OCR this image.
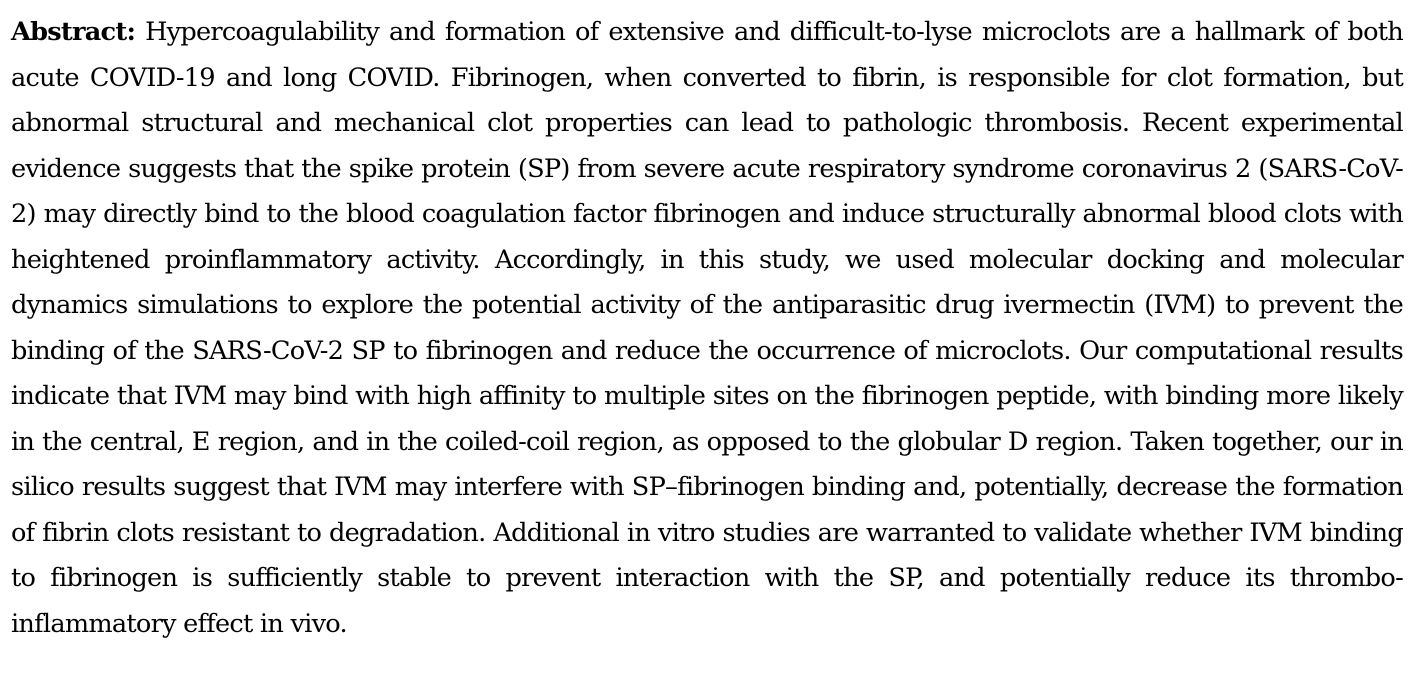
Abstract: Hypercoagulability and formation of extensive and difficult-to-lyse microclots are a hallmark of both acute COVID-19 and long COVID. Fibrinogen, when converted to fibrin, is responsible for clot formation, but abnormal structural and mechanical clot properties can lead to pathologic thrombosis. Recent experimental evidence suggests that the spike protein (SP) from severe acute respiratory syndrome coronavirus 2 (SARS-CoV-2) may directly bind to the blood coagulation factor fibrinogen and induce structurally abnormal blood clots with heightened proinflammatory activity. Accordingly, in this study, we used molecular docking and molecular dynamics simulations to explore the potential activity of the antiparasitic drug ivermectin (IVM) to prevent the binding of the SARS-CoV-2 SP to fibrinogen and reduce the occurrence of microclots. Our computational results indicate that IVM may bind with high affinity to multiple sites on the fibrinogen peptide, with binding more likely in the central, E region, and in the coiled-coil region, as opposed to the globular D region. Taken together, our in silico results suggest that IVM may interfere with SP–fibrinogen binding and, potentially, decrease the formation of fibrin clots resistant to degradation. Additional in vitro studies are warranted to validate whether IVM binding to fibrinogen is sufficiently stable to prevent interaction with the SP, and potentially reduce its thrombo-inflammatory effect in vivo.
